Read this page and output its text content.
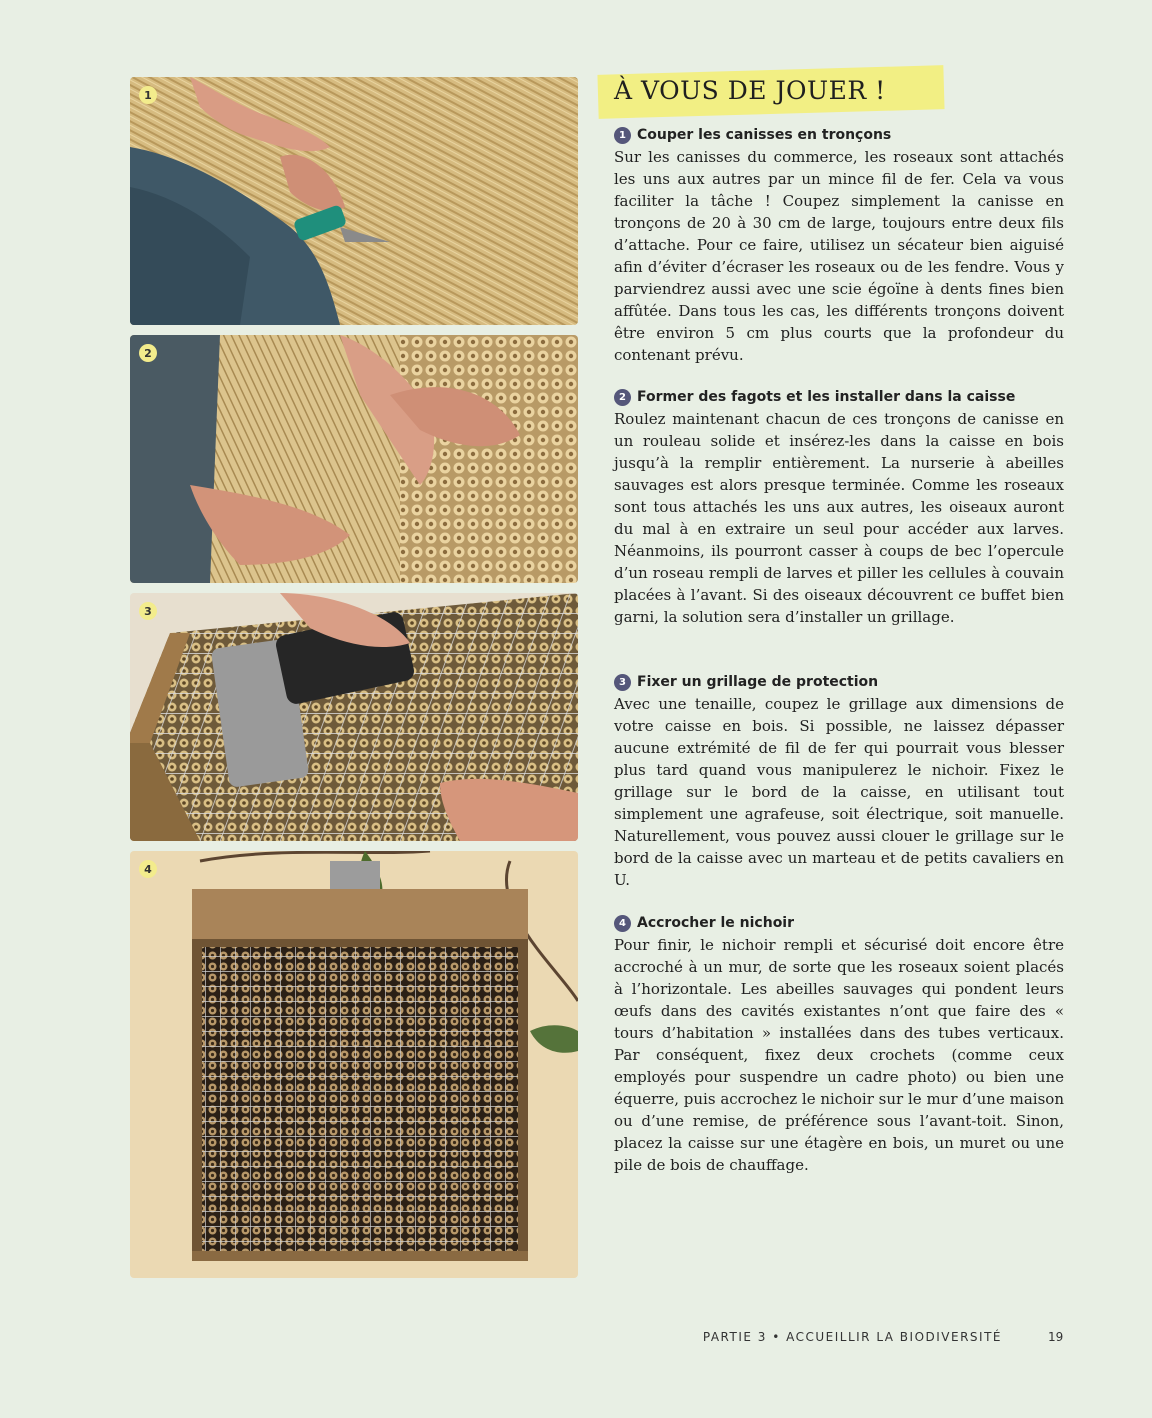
1
2
3
4
À VOUS DE JOUER !
1 Couper les canisses en tronçons

Sur les canisses du commerce, les roseaux sont attachés les uns aux autres par un mince fil de fer. Cela va vous faciliter la tâche ! Coupez simplement la canisse en tronçons de 20 à 30 cm de large, toujours entre deux fils d’attache. Pour ce faire, utilisez un sécateur bien aiguisé afin d’éviter d’écraser les roseaux ou de les fendre. Vous y parviendrez aussi avec une scie égoïne à dents fines bien affûtée. Dans tous les cas, les différents tronçons doivent être environ 5 cm plus courts que la profondeur du contenant prévu.

2 Former des fagots et les installer dans la caisse

Roulez maintenant chacun de ces tronçons de canisse en un rouleau solide et insérez-les dans la caisse en bois jusqu’à la remplir entièrement. La nurserie à abeilles sauvages est alors presque terminée. Comme les roseaux sont tous attachés les uns aux autres, les oiseaux auront du mal à en extraire un seul pour accéder aux larves. Néanmoins, ils pourront casser à coups de bec l’opercule d’un roseau rempli de larves et piller les cellules à couvain placées à l’avant. Si des oiseaux découvrent ce buffet bien garni, la solution sera d’installer un grillage.

3 Fixer un grillage de protection

Avec une tenaille, coupez le grillage aux dimensions de votre caisse en bois. Si possible, ne laissez dépasser aucune extrémité de fil de fer qui pourrait vous blesser plus tard quand vous manipulerez le nichoir. Fixez le grillage sur le bord de la caisse, en utilisant tout simplement une agrafeuse, soit électrique, soit manuelle. Naturellement, vous pouvez aussi clouer le grillage sur le bord de la caisse avec un marteau et de petits cavaliers en U.

4 Accrocher le nichoir

Pour finir, le nichoir rempli et sécurisé doit encore être accroché à un mur, de sorte que les roseaux soient placés à l’horizontale. Les abeilles sauvages qui pondent leurs œufs dans des cavités existantes n’ont que faire des « tours d’habitation » installées dans des tubes verticaux. Par conséquent, fixez deux crochets (comme ceux employés pour suspendre un cadre photo) ou bien une équerre, puis accrochez le nichoir sur le mur d’une maison ou d’une remise, de préférence sous l’avant-toit. Sinon, placez la caisse sur une étagère en bois, un muret ou une pile de bois de chauffage.

PARTIE 3 • ACCUEILLIR LA BIODIVERSITÉ	19
